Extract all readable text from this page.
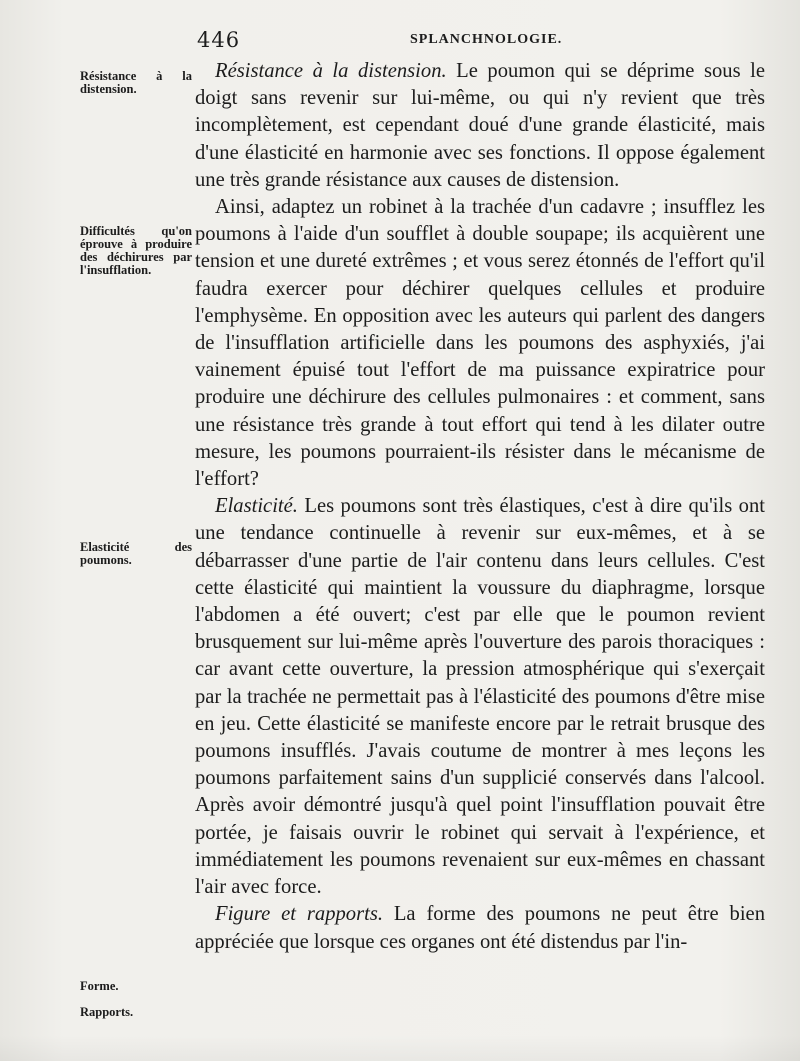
446	SPLANCHNOLOGIE.
Résistance à la distension.
Difficultés qu'on éprouve à produire des déchirures par l'insufflation.
Elasticité des poumons.
Forme.
Rapports.

Résistance à la distension. Le poumon qui se déprime sous le doigt sans revenir sur lui-même, ou qui n'y revient que très incomplètement, est cependant doué d'une grande élasticité, mais d'une élasticité en harmonie avec ses fonctions. Il oppose également une très grande résistance aux causes de distension.

Ainsi, adaptez un robinet à la trachée d'un cadavre ; insufflez les poumons à l'aide d'un soufflet à double soupape; ils acquièrent une tension et une dureté extrêmes ; et vous serez étonnés de l'effort qu'il faudra exercer pour déchirer quelques cellules et produire l'emphysème. En opposition avec les auteurs qui parlent des dangers de l'insufflation artificielle dans les poumons des asphyxiés, j'ai vainement épuisé tout l'effort de ma puissance expiratrice pour produire une déchirure des cellules pulmonaires : et comment, sans une résistance très grande à tout effort qui tend à les dilater outre mesure, les poumons pourraient-ils résister dans le mécanisme de l'effort?

Elasticité. Les poumons sont très élastiques, c'est à dire qu'ils ont une tendance continuelle à revenir sur eux-mêmes, et à se débarrasser d'une partie de l'air contenu dans leurs cellules. C'est cette élasticité qui maintient la voussure du diaphragme, lorsque l'abdomen a été ouvert; c'est par elle que le poumon revient brusquement sur lui-même après l'ouverture des parois thoraciques : car avant cette ouverture, la pression atmosphérique qui s'exerçait par la trachée ne permettait pas à l'élasticité des poumons d'être mise en jeu. Cette élasticité se manifeste encore par le retrait brusque des poumons insufflés. J'avais coutume de montrer à mes leçons les poumons parfaitement sains d'un supplicié conservés dans l'alcool. Après avoir démontré jusqu'à quel point l'insufflation pouvait être portée, je faisais ouvrir le robinet qui servait à l'expérience, et immédiatement les poumons revenaient sur eux-mêmes en chassant l'air avec force.

Figure et rapports. La forme des poumons ne peut être bien appréciée que lorsque ces organes ont été distendus par l'in-
